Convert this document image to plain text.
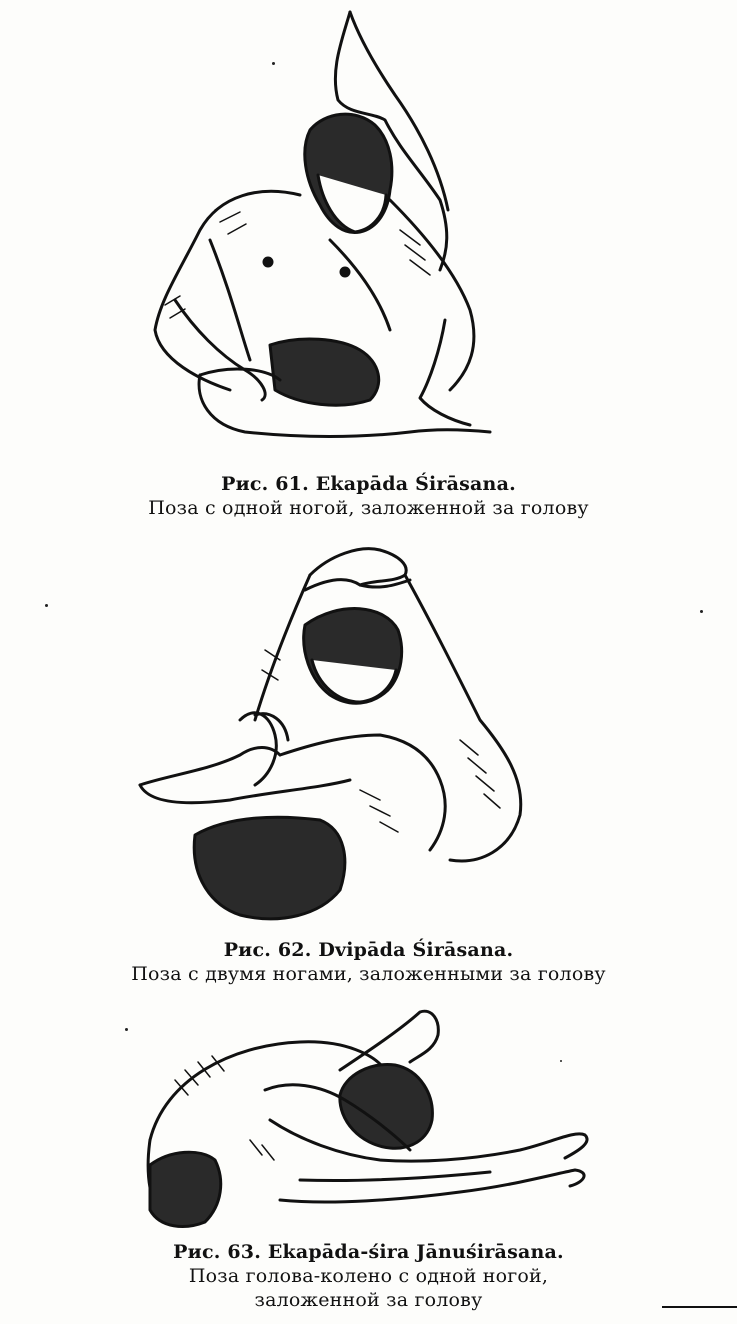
Рис. 61. Ekapāda Śirāsana.
Поза с одной ногой, заложенной за голову
Рис. 62. Dvipāda Śirāsana.
Поза с двумя ногами, заложенными за голову
Рис. 63. Ekapāda-śira Jānuśirāsana.
Поза голова-колено с одной ногой,
заложенной за голову
